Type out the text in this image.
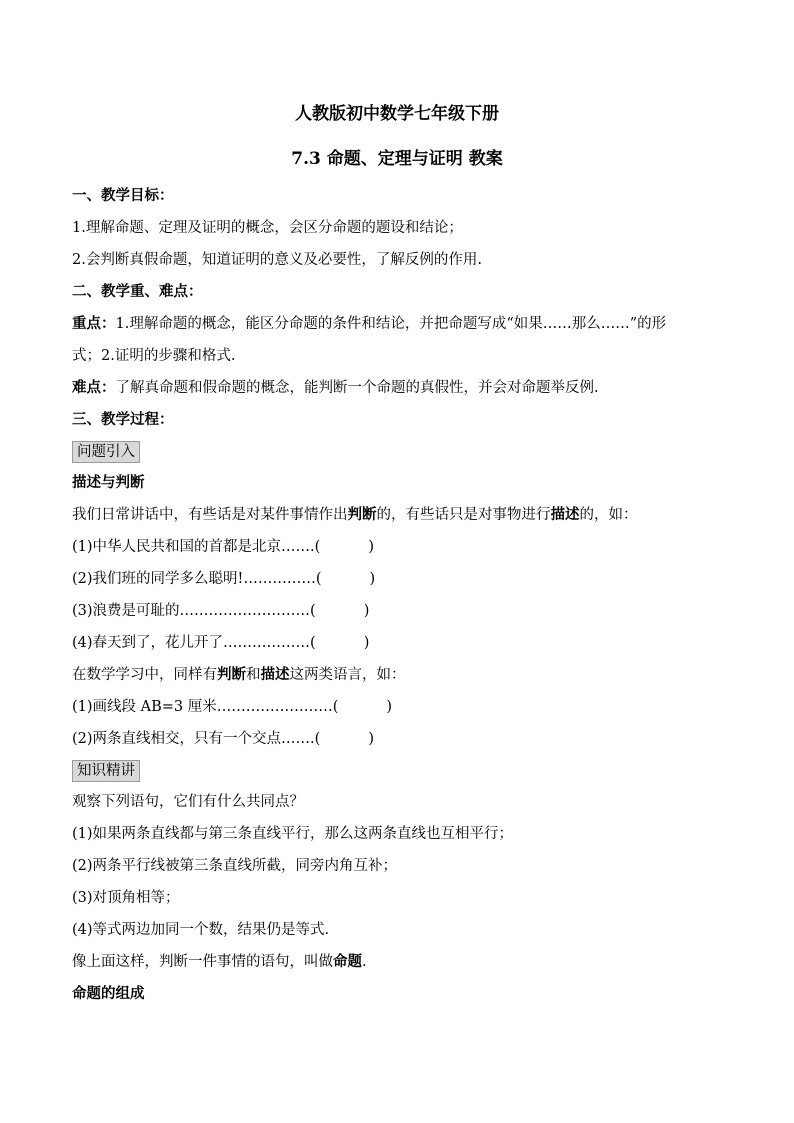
人教版初中数学七年级下册
7.3 命题、定理与证明 教案
一、教学目标：
1.理解命题、定理及证明的概念，会区分命题的题设和结论；
2.会判断真假命题，知道证明的意义及必要性，了解反例的作用.
二、教学重、难点：
重点：1.理解命题的概念，能区分命题的条件和结论，并把命题写成“如果……那么……”的形
式；2.证明的步骤和格式.
难点：了解真命题和假命题的概念，能判断一个命题的真假性，并会对命题举反例.
三、教学过程：
问题引入
描述与判断
我们日常讲话中，有些话是对某件事情作出判断的，有些话只是对事物进行描述的，如：
(1)中华人民共和国的首都是北京…….(	)
(2)我们班的同学多么聪明!……………(	)
(3)浪费是可耻的………………………(	)
(4)春天到了，花儿开了………………(	)
在数学学习中，同样有判断和描述这两类语言，如：
(1)画线段 AB=3 厘米……………………(	)
(2)两条直线相交，只有一个交点…….(	)
知识精讲
观察下列语句，它们有什么共同点？
(1)如果两条直线都与第三条直线平行，那么这两条直线也互相平行；
(2)两条平行线被第三条直线所截，同旁内角互补；
(3)对顶角相等；
(4)等式两边加同一个数，结果仍是等式.
像上面这样，判断一件事情的语句，叫做命题.
命题的组成
